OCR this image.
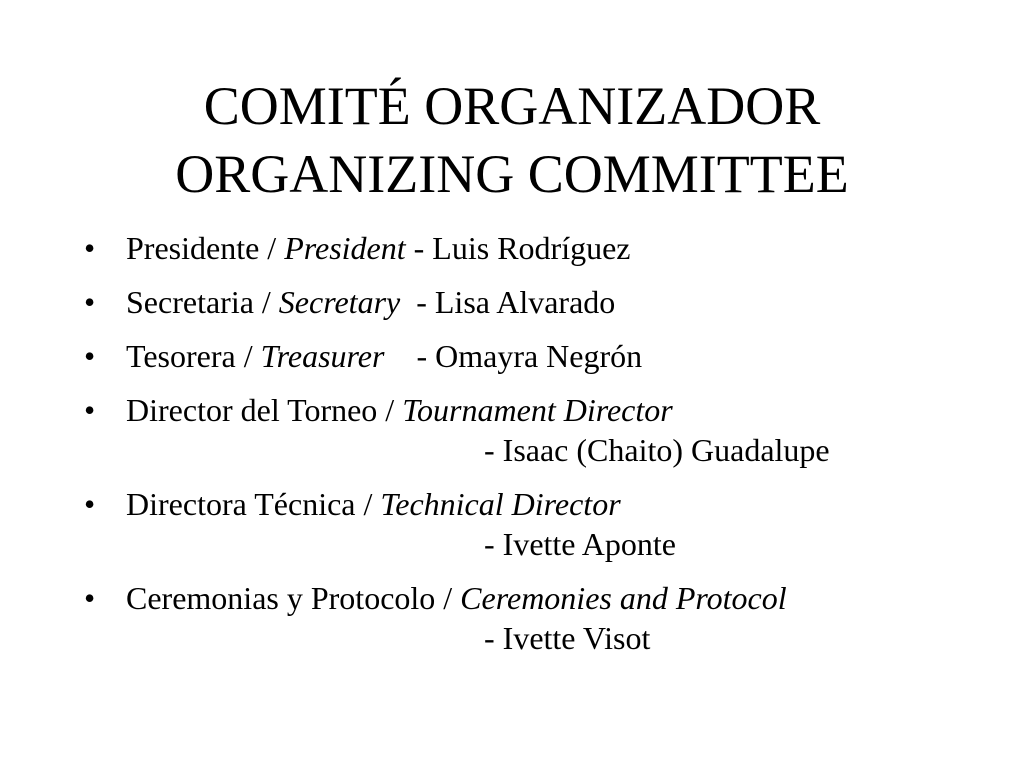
COMITÉ ORGANIZADOR
ORGANIZING COMMITTEE
• Presidente / President - Luis Rodríguez
• Secretaria / Secretary  - Lisa Alvarado
• Tesorera / Treasurer    - Omayra Negrón
• Director del Torneo / Tournament Director
- Isaac (Chaito) Guadalupe
• Directora Técnica / Technical Director
- Ivette Aponte
• Ceremonias y Protocolo / Ceremonies and Protocol
- Ivette Visot
